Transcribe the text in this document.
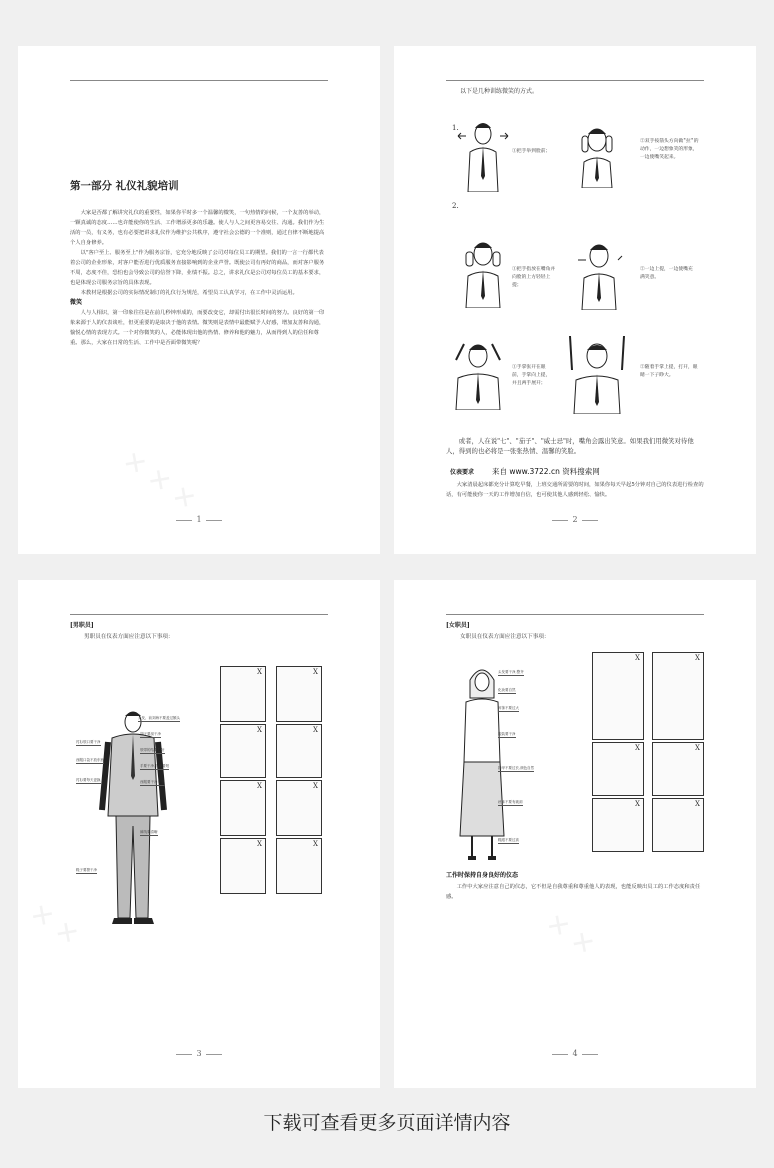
第一部分 礼仪礼貌培训

大家是否都了解讲究礼仪的重要性，如果你平时多一个温馨的微笑，一句热情的问候，一个友善的举动，一颗真诚的态度……也许能使你的生活、工作增添更多的乐趣。使人与人之间更容易交往、沟通。我们作为生活的一员，有义务，也有必要把讲求礼仪作为维护公共秩序，遵守社会公德的一个准则，通过自律不断地提高个人自身修养。

以"客户至上、服务至上"作为服务宗旨，它充分地反映了公司对每位员工的期望。我们的一言一行都代表着公司的企业形象，对客户能否进行优质服务直接影响到的企业声誉。既使公司有再好的商品，而对客户服务不周，态度不佳，恐怕也会导致公司的信誉下降，业绩不振。总之，讲求礼仪是公司对每位员工的基本要求，也是体现公司服务宗旨的具体表现。

本教材是根据公司的实际情况制订的礼仪行为规范，希望员工认真学习，在工作中灵活运用。

微笑

人与人相识，第一印象往往是在前几秒钟形成的，而要改变它，却需付出很长时间的努力。良好的第一印象来源于人的仪表谈吐，但更重要的是取决于他的表情。微笑则是表情中最能赋予人好感，增加友善和沟通，愉悦心情的表现方式。一个对你微笑的人，必能体现出他的热情、修养和他的魅力，从而得到人的信任和尊重。那么，大家在日常的生活、工作中是否面带微笑呢？

✕ ✕ ✕
1
以下是几种训练微笑的方式。
1.
①把手举到脸前；
②双手按箭头方向做"拉"的动作，一边想象笑的形象，一边使嘴笑起来。
2.
①把手指放在嘴角并向脸的上方轻轻上提；
②一边上提，一边使嘴充满笑意。
①手掌张开在眼前，手掌向上提，并且两手展开；
②随着手掌上提，打开，眼睛一下子睁大。

或者，人在说"七"、"茄子"、"威士忌"时，嘴角会露出笑意。如果我们用微笑对待他人，得到的也必将是一张张热情、温馨的笑脸。

仪表要求 来自 www.3722.cn 资料搜索网

大家清晨起床都充分计算吃早餐，上班交通所需要的时间，如果你每天早起5分钟对自己的仪表进行检查的话，有可能使你一天的工作增加自信，也可使其他人感到轻松、愉快。

2
[男职员]
男职员在仪表方面应注意以下事项：
头发、前刘海不要盖过额头
胡子要刮干净
衬衫领口要干净
领带的结要打好
西服口袋不放东西
手要干净,指甲要短
衬衫要每天更换	西服要干净平整
裤线要清晰
鞋子要擦干净
X	X
X	X
X	X
X	X
✕ ✕
3
[女职员]
女职员在仪表方面应注意以下事项：
头发要干净,整齐
化妆要自然
耳饰不要过大
服装要干净
指甲不要过长,颜色自然
丝袜不要有破洞
鞋跟不要过高
X	X
X	X
X	X
工作时保持自身良好的仪态

工作中大家应注意自己的仪态，它不但是自我尊重和尊重他人的表现，也能反映出员工的工作态度和责任感。

✕ ✕
4
下载可查看更多页面详情内容
